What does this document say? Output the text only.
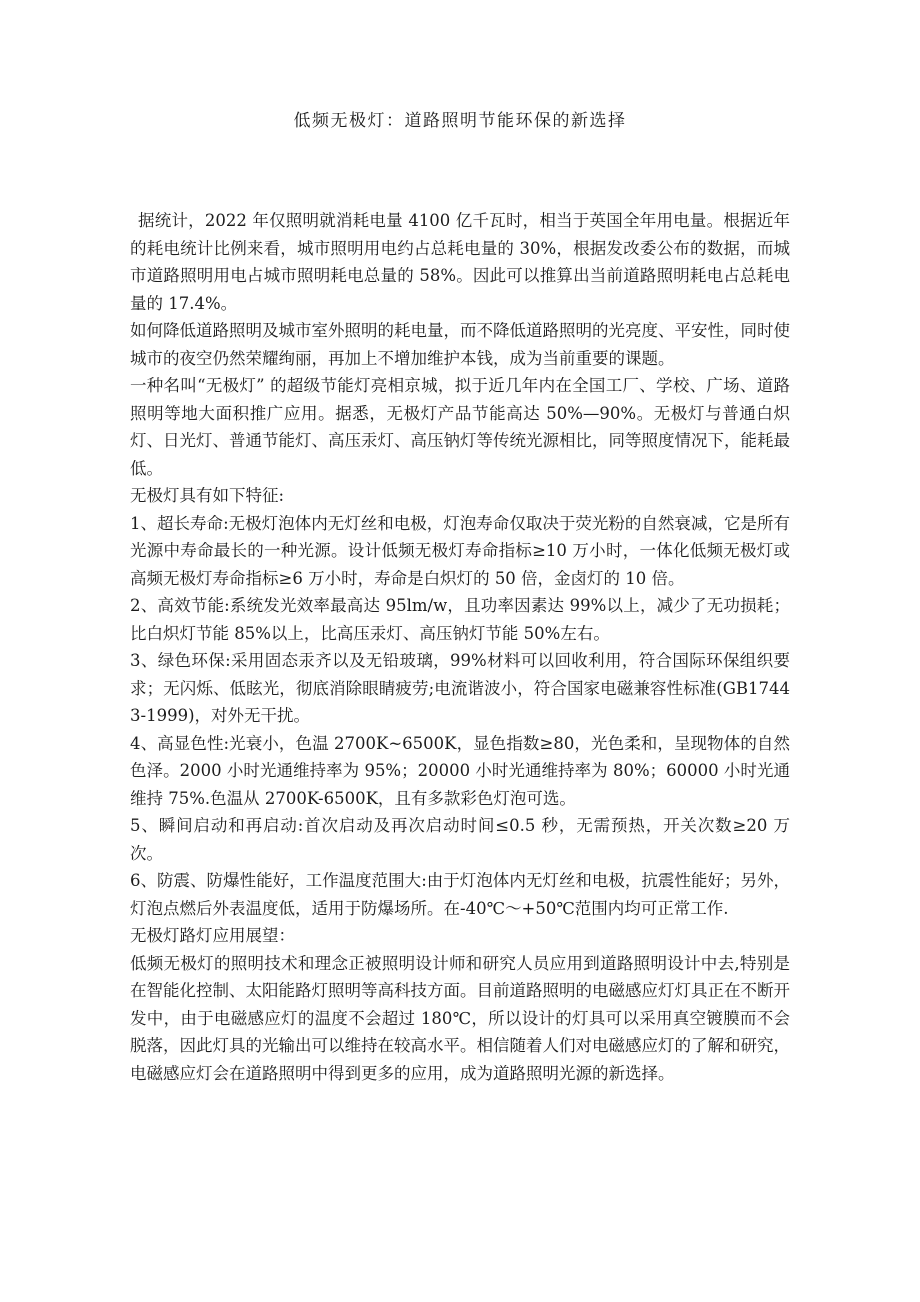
低频无极灯：道路照明节能环保的新选择

据统计，2022 年仅照明就消耗电量 4100 亿千瓦时，相当于英国全年用电量。根据近年的耗电统计比例来看，城市照明用电约占总耗电量的 30%，根据发改委公布的数据，而城市道路照明用电占城市照明耗电总量的 58%。因此可以推算出当前道路照明耗电占总耗电量的 17.4%。

如何降低道路照明及城市室外照明的耗电量，而不降低道路照明的光亮度、平安性，同时使城市的夜空仍然荣耀绚丽，再加上不增加维护本钱，成为当前重要的课题。

一种名叫“无极灯” 的超级节能灯亮相京城，拟于近几年内在全国工厂、学校、广场、道路照明等地大面积推广应用。据悉，无极灯产品节能高达 50%—90%。无极灯与普通白炽灯、日光灯、普通节能灯、高压汞灯、高压钠灯等传统光源相比，同等照度情况下，能耗最低。

无极灯具有如下特征:

1、超长寿命:无极灯泡体内无灯丝和电极，灯泡寿命仅取决于荧光粉的自然衰减，它是所有光源中寿命最长的一种光源。设计低频无极灯寿命指标≥10 万小时，一体化低频无极灯或高频无极灯寿命指标≥6 万小时，寿命是白炽灯的 50 倍，金卤灯的 10 倍。

2、高效节能:系统发光效率最高达 95lm/w，且功率因素达 99%以上，减少了无功损耗；比白炽灯节能 85%以上，比高压汞灯、高压钠灯节能 50%左右。

3、绿色环保:采用固态汞齐以及无铅玻璃，99%材料可以回收利用，符合国际环保组织要求；无闪烁、低眩光，彻底消除眼睛疲劳;电流谐波小，符合国家电磁兼容性标准(GB17443-1999)，对外无干扰。

4、高显色性:光衰小，色温 2700K~6500K，显色指数≥80，光色柔和，呈现物体的自然色泽。2000 小时光通维持率为 95%；20000 小时光通维持率为 80%；60000 小时光通维持 75%.色温从 2700K-6500K，且有多款彩色灯泡可选。

5、瞬间启动和再启动:首次启动及再次启动时间≤0.5 秒，无需预热，开关次数≥20 万次。

6、防震、防爆性能好，工作温度范围大:由于灯泡体内无灯丝和电极，抗震性能好；另外，灯泡点燃后外表温度低，适用于防爆场所。在-40℃～+50℃范围内均可正常工作.

无极灯路灯应用展望：

低频无极灯的照明技术和理念正被照明设计师和研究人员应用到道路照明设计中去,特别是在智能化控制、太阳能路灯照明等高科技方面。目前道路照明的电磁感应灯灯具正在不断开发中，由于电磁感应灯的温度不会超过 180℃，所以设计的灯具可以采用真空镀膜而不会脱落，因此灯具的光输出可以维持在较高水平。相信随着人们对电磁感应灯的了解和研究，电磁感应灯会在道路照明中得到更多的应用，成为道路照明光源的新选择。
